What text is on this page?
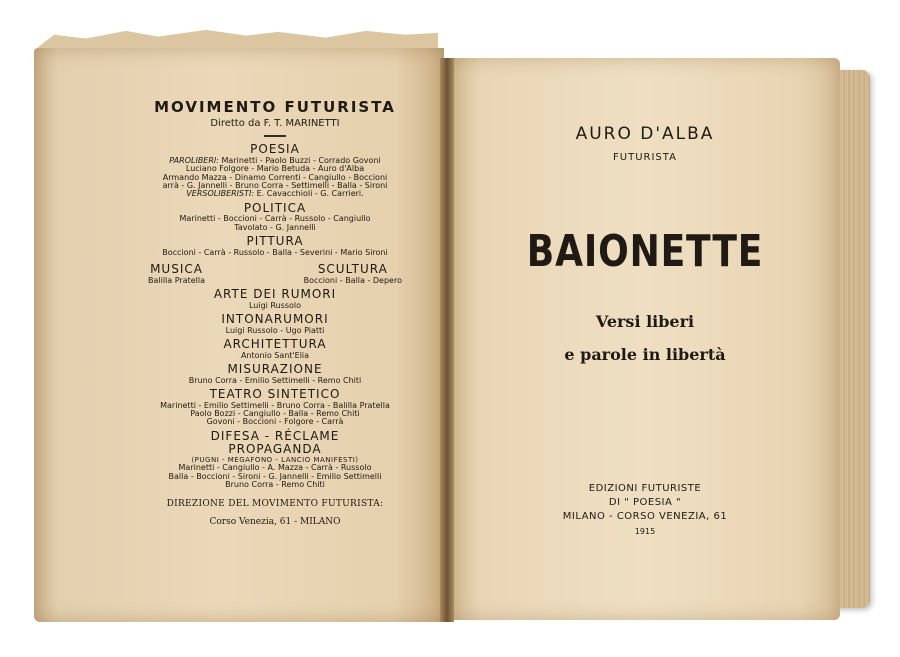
MOVIMENTO FUTURISTA

Diretto da F. T. MARINETTI

POESIA

PAROLIBERI: Marinetti - Paolo Buzzi - Corrado Govoni

Luciano Folgore - Mario Betuda - Auro d'Alba

Armando Mazza - Dinamo Correnti - Cangiullo - Boccioni

arrà - G. Jannelli - Bruno Corra - Settimelli - Balla - Sironi

VERSOLIBERISTI: E. Cavacchioli - G. Carrieri.

POLITICA

Marinetti - Boccioni - Carrà - Russolo - Cangiullo

Tavolato - G. Jannelli

PITTURA

Boccioni - Carrà - Russolo - Balla - Severini - Mario Sironi

MUSICA

Balilla Pratella

SCULTURA

Boccioni - Balla - Depero

ARTE DEI RUMORI

Luigi Russolo

INTONARUMORI

Luigi Russolo - Ugo Piatti

ARCHITETTURA

Antonio Sant'Elia

MISURAZIONE

Bruno Corra - Emilio Settimelli - Remo Chiti

TEATRO SINTETICO

Marinetti - Emilio Settimelli - Bruno Corra - Balilla Pratella

Paolo Bozzi - Cangiullo - Balla - Remo Chiti

Govoni - Boccioni - Folgore - Carrà

DIFESA - RÉCLAME

PROPAGANDA

(PUGNI - MEGAFONO - LANCIO MANIFESTI)

Marinetti - Cangiullo - A. Mazza - Carrà - Russolo

Balla - Boccioni - Sironi - G. Jannelli - Emilio Settimelli

Bruno Corra - Remo Chiti

DIREZIONE DEL MOVIMENTO FUTURISTA:

Corso Venezia, 61 - MILANO

AURO D'ALBA
FUTURISTA
BAIONETTE
Versi liberi
e parole in libertà
EDIZIONI FUTURISTE
DI " POESIA "
MILANO - CORSO VENEZIA, 61
1915
